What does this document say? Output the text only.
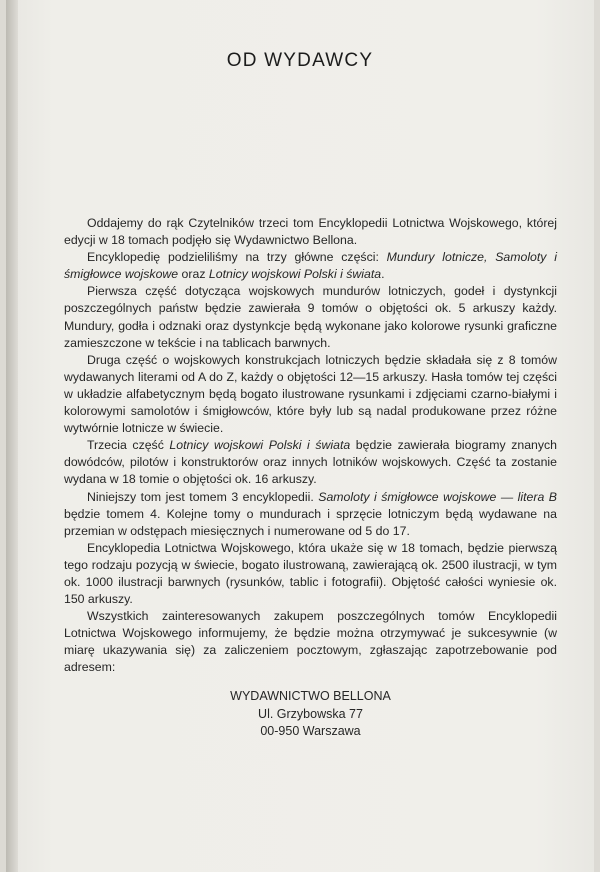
OD WYDAWCY

Oddajemy do rąk Czytelników trzeci tom Encyklopedii Lotnictwa Wojskowego, której edycji w 18 tomach podjęło się Wydawnictwo Bellona.

Encyklopedię podzieliliśmy na trzy główne części: Mundury lotnicze, Samoloty i śmigłowce wojskowe oraz Lotnicy wojskowi Polski i świata.

Pierwsza część dotycząca wojskowych mundurów lotniczych, godeł i dystynkcji poszczególnych państw będzie zawierała 9 tomów o objętości ok. 5 arkuszy każdy. Mundury, godła i odznaki oraz dystynkcje będą wykonane jako kolorowe rysunki graficzne zamieszczone w tekście i na tablicach barwnych.

Druga część o wojskowych konstrukcjach lotniczych będzie składała się z 8 tomów wydawanych literami od A do Z, każdy o objętości 12—15 arkuszy. Hasła tomów tej części w układzie alfabetycznym będą bogato ilustrowane rysunkami i zdjęciami czarno-białymi i kolorowymi samolotów i śmigłowców, które były lub są nadal produkowane przez różne wytwórnie lotnicze w świecie.

Trzecia część Lotnicy wojskowi Polski i świata będzie zawierała biogramy znanych dowódców, pilotów i konstruktorów oraz innych lotników wojskowych. Część ta zostanie wydana w 18 tomie o objętości ok. 16 arkuszy.

Niniejszy tom jest tomem 3 encyklopedii. Samoloty i śmigłowce wojskowe — litera B będzie tomem 4. Kolejne tomy o mundurach i sprzęcie lotniczym będą wydawane na przemian w odstępach miesięcznych i numerowane od 5 do 17.

Encyklopedia Lotnictwa Wojskowego, która ukaże się w 18 tomach, będzie pierwszą tego rodzaju pozycją w świecie, bogato ilustrowaną, zawierającą ok. 2500 ilustracji, w tym ok. 1000 ilustracji barwnych (rysunków, tablic i fotografii). Objętość całości wyniesie ok. 150 arkuszy.

Wszystkich zainteresowanych zakupem poszczególnych tomów Encyklopedii Lotnictwa Wojskowego informujemy, że będzie można otrzymywać je sukcesywnie (w miarę ukazywania się) za zaliczeniem pocztowym, zgłaszając zapotrzebowanie pod adresem:

WYDAWNICTWO BELLONA
Ul. Grzybowska 77
00-950 Warszawa
